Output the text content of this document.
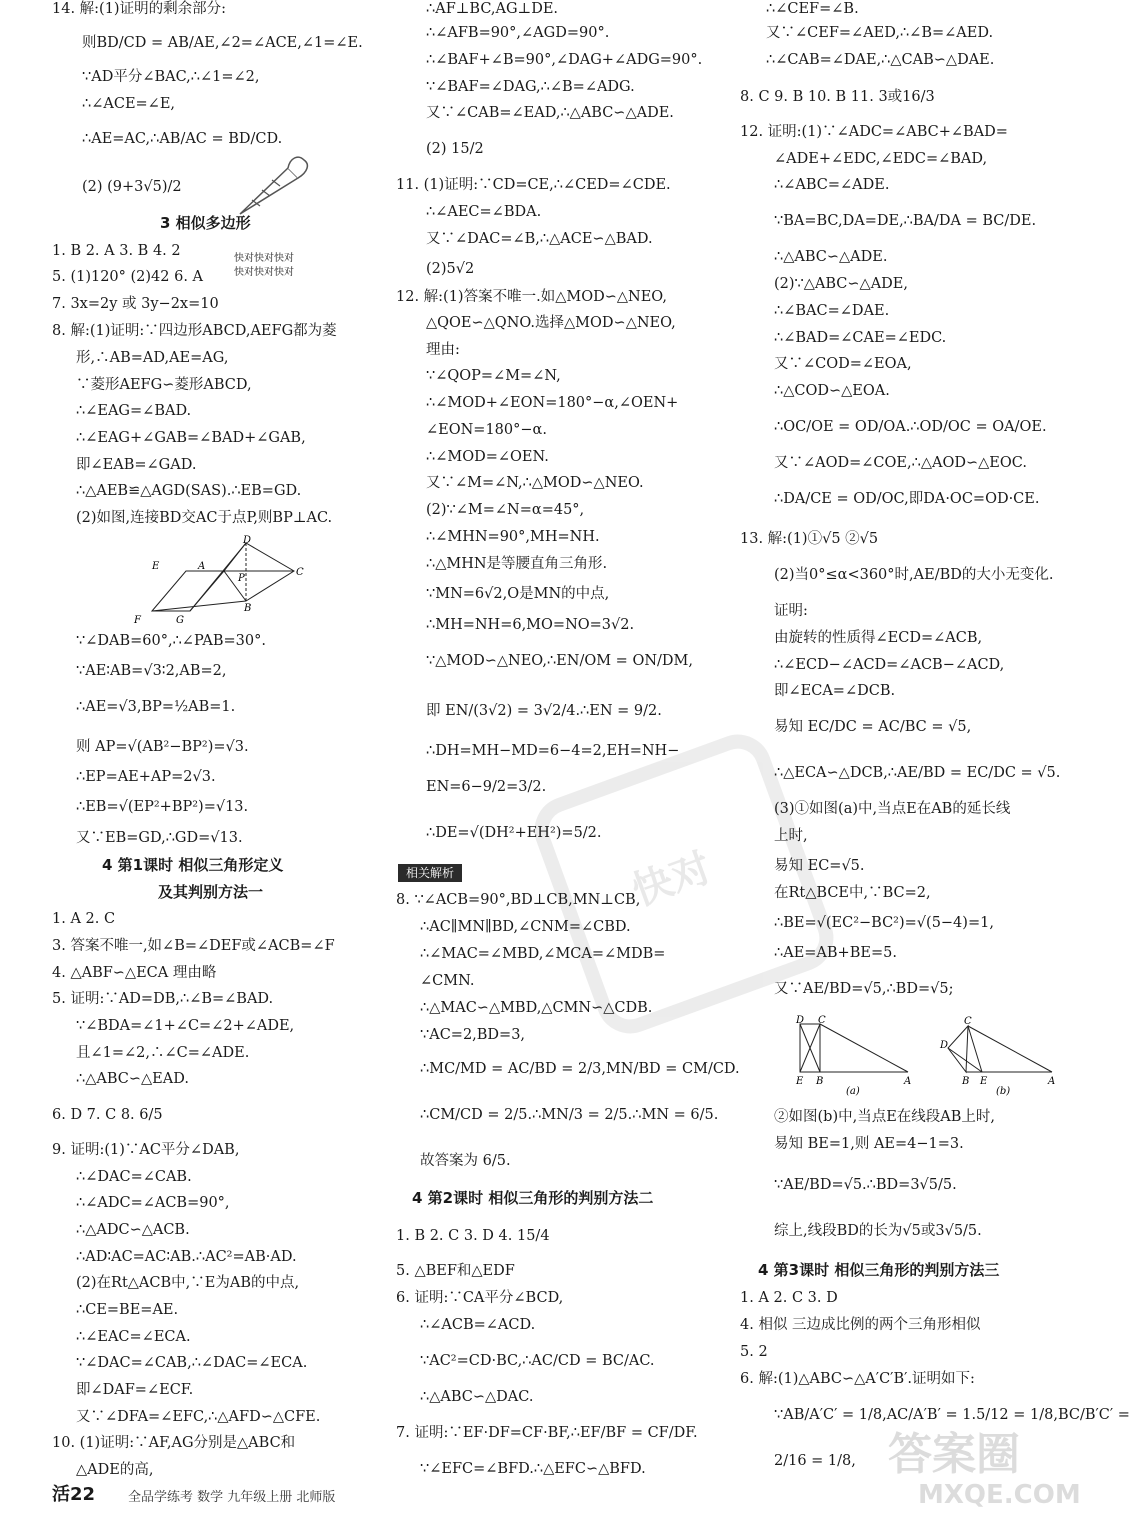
快对
14. 解:(1)证明的剩余部分:
则BD/CD = AB/AE,∠2=∠ACE,∠1=∠E.
∵AD平分∠BAC,∴∠1=∠2,
∴∠ACE=∠E,
∴AE=AC,∴AB/AC = BD/CD.
(2) (9+3√5)/2
1. B 2. A 3. B 4. 2
5. (1)120° (2)42 6. A
7. 3x=2y 或 3y−2x=10
8. 解:(1)证明:∵四边形ABCD,AEFG都为菱
形,∴AB=AD,AE=AG,
∵菱形AEFG∽菱形ABCD,
∴∠EAG=∠BAD.
∴∠EAG+∠GAB=∠BAD+∠GAB,
即∠EAB=∠GAD.
∴△AEB≌△AGD(SAS).∴EB=GD.
(2)如图,连接BD交AC于点P,则BP⊥AC.
∵∠DAB=60°,∴∠PAB=30°.
∵AE∶AB=√3∶2,AB=2,
∴AE=√3,BP=½AB=1.
则 AP=√(AB²−BP²)=√3.
∴EP=AE+AP=2√3.
∴EB=√(EP²+BP²)=√13.
又∵EB=GD,∴GD=√13.
1. A 2. C
3. 答案不唯一,如∠B=∠DEF或∠ACB=∠F
4. △ABF∽△ECA 理由略
5. 证明:∵AD=DB,∴∠B=∠BAD.
∵∠BDA=∠1+∠C=∠2+∠ADE,
且∠1=∠2,∴∠C=∠ADE.
∴△ABC∽△EAD.
6. D 7. C 8. 6/5
9. 证明:(1)∵AC平分∠DAB,
∴∠DAC=∠CAB.
∴∠ADC=∠ACB=90°,
∴△ADC∽△ACB.
∴AD∶AC=AC∶AB.∴AC²=AB·AD.
(2)在Rt△ACB中,∵E为AB的中点,
∴CE=BE=AE.
∴∠EAC=∠ECA.
∵∠DAC=∠CAB,∴∠DAC=∠ECA.
即∠DAF=∠ECF.
又∵∠DFA=∠EFC,∴△AFD∽△CFE.
10. (1)证明:∵AF,AG分别是△ABC和
△ADE的高,
3 相似多边形
4 第1课时 相似三角形定义
及其判别方法一
∴AF⊥BC,AG⊥DE.
∴∠AFB=90°,∠AGD=90°.
∴∠BAF+∠B=90°,∠DAG+∠ADG=90°.
∵∠BAF=∠DAG,∴∠B=∠ADG.
又∵∠CAB=∠EAD,∴△ABC∽△ADE.
(2) 15/2
11. (1)证明:∵CD=CE,∴∠CED=∠CDE.
∴∠AEC=∠BDA.
又∵∠DAC=∠B,∴△ACE∽△BAD.
(2)5√2
12. 解:(1)答案不唯一.如△MOD∽△NEO,
△QOE∽△QNO.选择△MOD∽△NEO,
理由:
∵∠QOP=∠M=∠N,
∴∠MOD+∠EON=180°−α,∠OEN+
∠EON=180°−α.
∴∠MOD=∠OEN.
又∵∠M=∠N,∴△MOD∽△NEO.
(2)∵∠M=∠N=α=45°,
∴∠MHN=90°,MH=NH.
∴△MHN是等腰直角三角形.
∵MN=6√2,O是MN的中点,
∴MH=NH=6,MO=NO=3√2.
∵△MOD∽△NEO,∴EN/OM = ON/DM,
即 EN/(3√2) = 3√2/4.∴EN = 9/2.
∴DH=MH−MD=6−4=2,EH=NH−
EN=6−9/2=3/2.
∴DE=√(DH²+EH²)=5/2.
8. ∵∠ACB=90°,BD⊥CB,MN⊥CB,
∴AC∥MN∥BD,∠CNM=∠CBD.
∴∠MAC=∠MBD,∠MCA=∠MDB=
∠CMN.
∴△MAC∽△MBD,△CMN∽△CDB.
∵AC=2,BD=3,
∴MC/MD = AC/BD = 2/3,MN/BD = CM/CD.
∴CM/CD = 2/5.∴MN/3 = 2/5.∴MN = 6/5.
故答案为 6/5.
1. B 2. C 3. D 4. 15/4
5. △BEF和△EDF
6. 证明:∵CA平分∠BCD,
∴∠ACB=∠ACD.
∵AC²=CD·BC,∴AC/CD = BC/AC.
∴△ABC∽△DAC.
7. 证明:∵EF·DF=CF·BF,∴EF/BF = CF/DF.
∵∠EFC=∠BFD.∴△EFC∽△BFD.
4 第2课时 相似三角形的判别方法二
相关解析
∴∠CEF=∠B.
又∵∠CEF=∠AED,∴∠B=∠AED.
∴∠CAB=∠DAE,∴△CAB∽△DAE.
8. C 9. B 10. B 11. 3或16/3
12. 证明:(1)∵∠ADC=∠ABC+∠BAD=
∠ADE+∠EDC,∠EDC=∠BAD,
∴∠ABC=∠ADE.
∵BA=BC,DA=DE,∴BA/DA = BC/DE.
∴△ABC∽△ADE.
(2)∵△ABC∽△ADE,
∴∠BAC=∠DAE.
∴∠BAD=∠CAE=∠EDC.
又∵∠COD=∠EOA,
∴△COD∽△EOA.
∴OC/OE = OD/OA.∴OD/OC = OA/OE.
又∵∠AOD=∠COE,∴△AOD∽△EOC.
∴DA/CE = OD/OC,即DA·OC=OD·CE.
13. 解:(1)①√5 ②√5
(2)当0°≤α<360°时,AE/BD的大小无变化.
证明:
由旋转的性质得∠ECD=∠ACB,
∴∠ECD−∠ACD=∠ACB−∠ACD,
即∠ECA=∠DCB.
易知 EC/DC = AC/BC = √5,
∴△ECA∽△DCB,∴AE/BD = EC/DC = √5.
(3)①如图(a)中,当点E在AB的延长线
上时,
易知 EC=√5.
在Rt△BCE中,∵BC=2,
∴BE=√(EC²−BC²)=√(5−4)=1,
∴AE=AB+BE=5.
又∵AE/BD=√5,∴BD=√5;
②如图(b)中,当点E在线段AB上时,
易知 BE=1,则 AE=4−1=3.
∵AE/BD=√5.∴BD=3√5/5.
综上,线段BD的长为√5或3√5/5.
1. A 2. C 3. D
4. 相似 三边成比例的两个三角形相似
5. 2
6. 解:(1)△ABC∽△A′C′B′.证明如下:
∵AB/A′C′ = 1/8,AC/A′B′ = 1.5/12 = 1/8,BC/B′C′ =
2/16 = 1/8,
4 第3课时 相似三角形的判别方法三
D
E	A
P
C
F	G
B
D C
E B	A
(a)
C
D
B E	A
(b)
快对快对快对
快对快对快对
活22	全品学练考 数学 九年级上册 北师版
答案圈
MXQE.COM
